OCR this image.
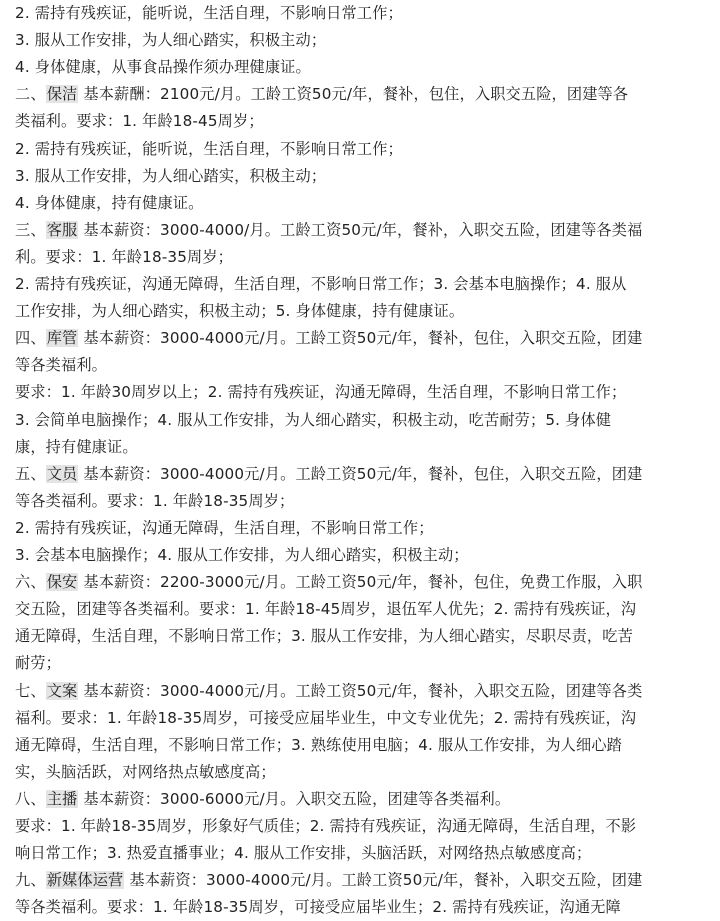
2. 需持有残疾证，能听说，生活自理，不影响日常工作；
3. 服从工作安排，为人细心踏实，积极主动；
4. 身体健康，从事食品操作须办理健康证。
二、保洁 基本薪酬：2100元/月。工龄工资50元/年，餐补，包住，入职交五险，团建等各
类福利。要求：1. 年龄18-45周岁；
2. 需持有残疾证，能听说，生活自理，不影响日常工作；
3. 服从工作安排，为人细心踏实，积极主动；
4. 身体健康，持有健康证。
三、客服 基本薪资：3000-4000/月。工龄工资50元/年，餐补，入职交五险，团建等各类福
利。要求：1. 年龄18-35周岁；
2. 需持有残疾证，沟通无障碍，生活自理，不影响日常工作；3. 会基本电脑操作；4. 服从
工作安排，为人细心踏实，积极主动；5. 身体健康，持有健康证。
四、库管 基本薪资：3000-4000元/月。工龄工资50元/年，餐补，包住，入职交五险，团建
等各类福利。
要求：1. 年龄30周岁以上；2. 需持有残疾证，沟通无障碍，生活自理，不影响日常工作；
3. 会简单电脑操作；4. 服从工作安排，为人细心踏实，积极主动，吃苦耐劳；5. 身体健
康，持有健康证。
五、文员 基本薪资：3000-4000元/月。工龄工资50元/年，餐补，包住，入职交五险，团建
等各类福利。要求：1. 年龄18-35周岁；
2. 需持有残疾证，沟通无障碍，生活自理，不影响日常工作；
3. 会基本电脑操作；4. 服从工作安排，为人细心踏实，积极主动；
六、保安 基本薪资：2200-3000元/月。工龄工资50元/年，餐补，包住，免费工作服，入职
交五险，团建等各类福利。要求：1. 年龄18-45周岁，退伍军人优先；2. 需持有残疾证，沟
通无障碍，生活自理，不影响日常工作；3. 服从工作安排，为人细心踏实，尽职尽责，吃苦
耐劳；
七、文案 基本薪资：3000-4000元/月。工龄工资50元/年，餐补，入职交五险，团建等各类
福利。要求：1. 年龄18-35周岁，可接受应届毕业生，中文专业优先；2. 需持有残疾证，沟
通无障碍，生活自理，不影响日常工作；3. 熟练使用电脑；4. 服从工作安排，为人细心踏
实，头脑活跃，对网络热点敏感度高；
八、主播 基本薪资：3000-6000元/月。入职交五险，团建等各类福利。
要求：1. 年龄18-35周岁，形象好气质佳；2. 需持有残疾证，沟通无障碍，生活自理，不影
响日常工作；3. 热爱直播事业；4. 服从工作安排，头脑活跃，对网络热点敏感度高；
九、新媒体运营 基本薪资：3000-4000元/月。工龄工资50元/年，餐补，入职交五险，团建
等各类福利。要求：1. 年龄18-35周岁，可接受应届毕业生；2. 需持有残疾证，沟通无障
